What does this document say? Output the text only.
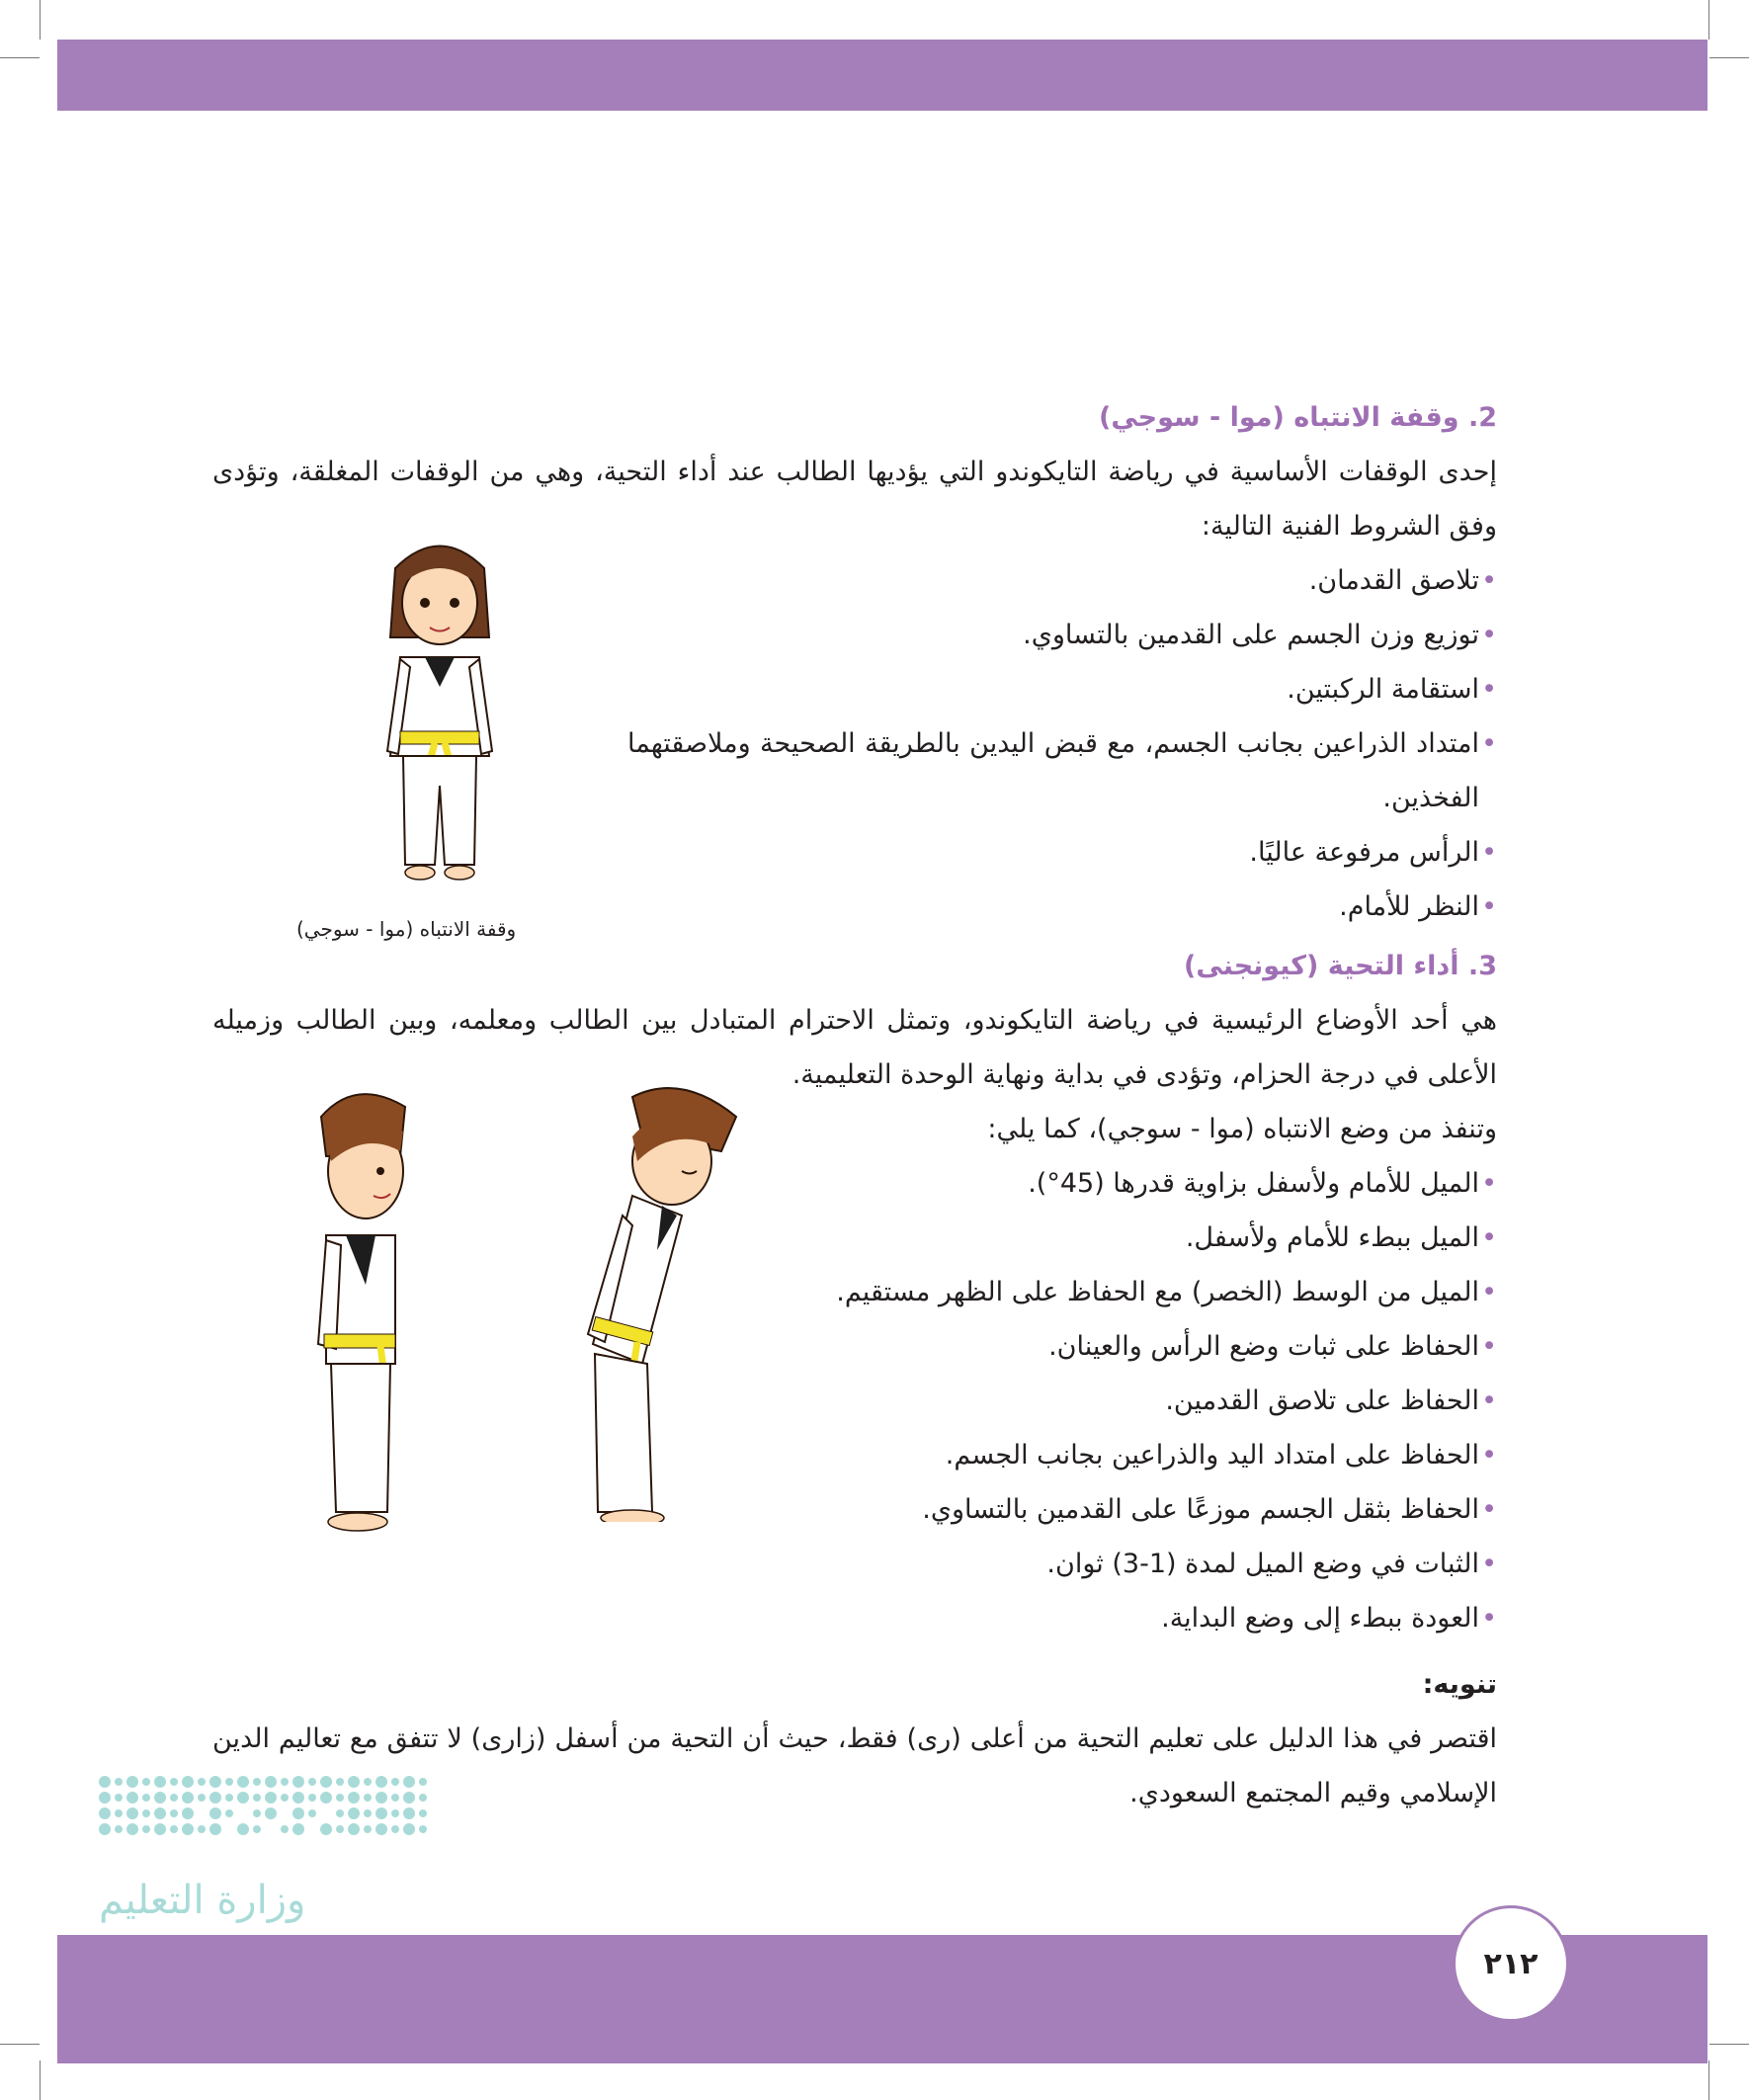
2. وقفة الانتباه (موا - سوجي)

إحدى الوقفات الأساسية في رياضة التايكوندو التي يؤديها الطالب عند أداء التحية، وهي من الوقفات المغلقة، وتؤدى وفق الشروط الفنية التالية:

• تلاصق القدمان.
• توزيع وزن الجسم على القدمين بالتساوي.
• استقامة الركبتين.
• امتداد الذراعين بجانب الجسم، مع قبض اليدين بالطريقة الصحيحة وملاصقتهما الفخذين.
• الرأس مرفوعة عاليًا.
• النظر للأمام.
وقفة الانتباه (موا - سوجي)
3. أداء التحية (كيونجنى)

هي أحد الأوضاع الرئيسية في رياضة التايكوندو، وتمثل الاحترام المتبادل بين الطالب ومعلمه، وبين الطالب وزميله الأعلى في درجة الحزام، وتؤدى في بداية ونهاية الوحدة التعليمية.

وتنفذ من وضع الانتباه (موا - سوجي)، كما يلي:
• الميل للأمام ولأسفل بزاوية قدرها (45°).
• الميل ببطء للأمام ولأسفل.
• الميل من الوسط (الخصر) مع الحفاظ على الظهر مستقيم.
• الحفاظ على ثبات وضع الرأس والعينان.
• الحفاظ على تلاصق القدمين.
• الحفاظ على امتداد اليد والذراعين بجانب الجسم.
• الحفاظ بثقل الجسم موزعًا على القدمين بالتساوي.
• الثبات في وضع الميل لمدة (1-3) ثوان.
• العودة ببطء إلى وضع البداية.
تنويه:

اقتصر في هذا الدليل على تعليم التحية من أعلى (رى) فقط، حيث أن التحية من أسفل (زارى) لا تتفق مع تعاليم الدين الإسلامي وقيم المجتمع السعودي.

وزارة التعليم
٢١٢
